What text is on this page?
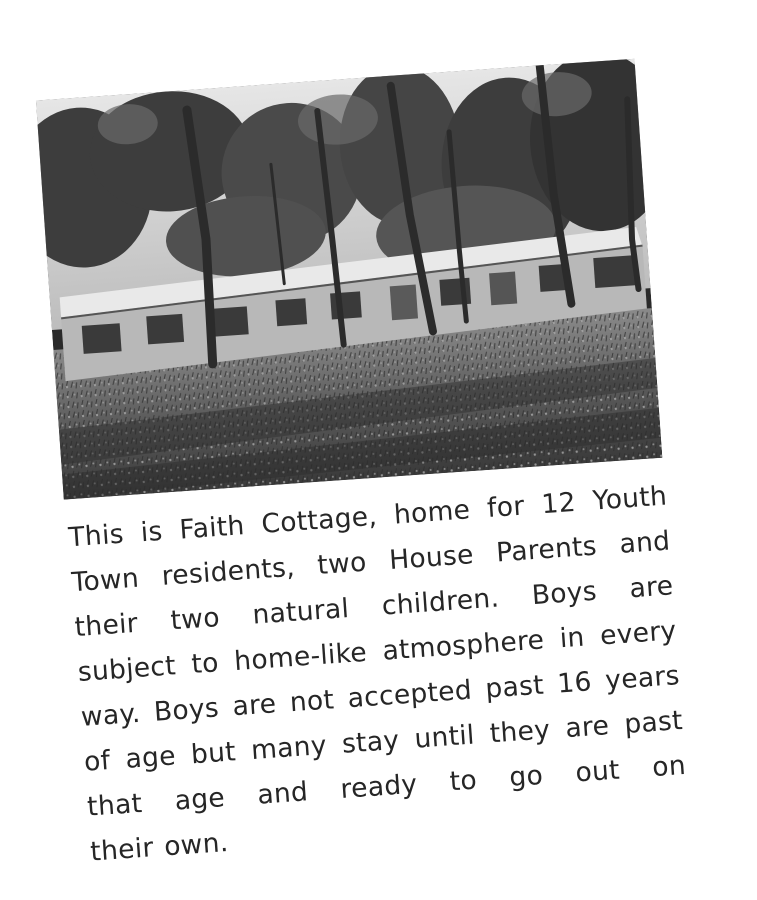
This is Faith Cottage, home for 12 Youth
Town residents, two House Parents and
their two natural children. Boys are
subject to home-like atmosphere in every
way. Boys are not accepted past 16 years
of age but many stay until they are past
that age and ready to go out on
their own.
